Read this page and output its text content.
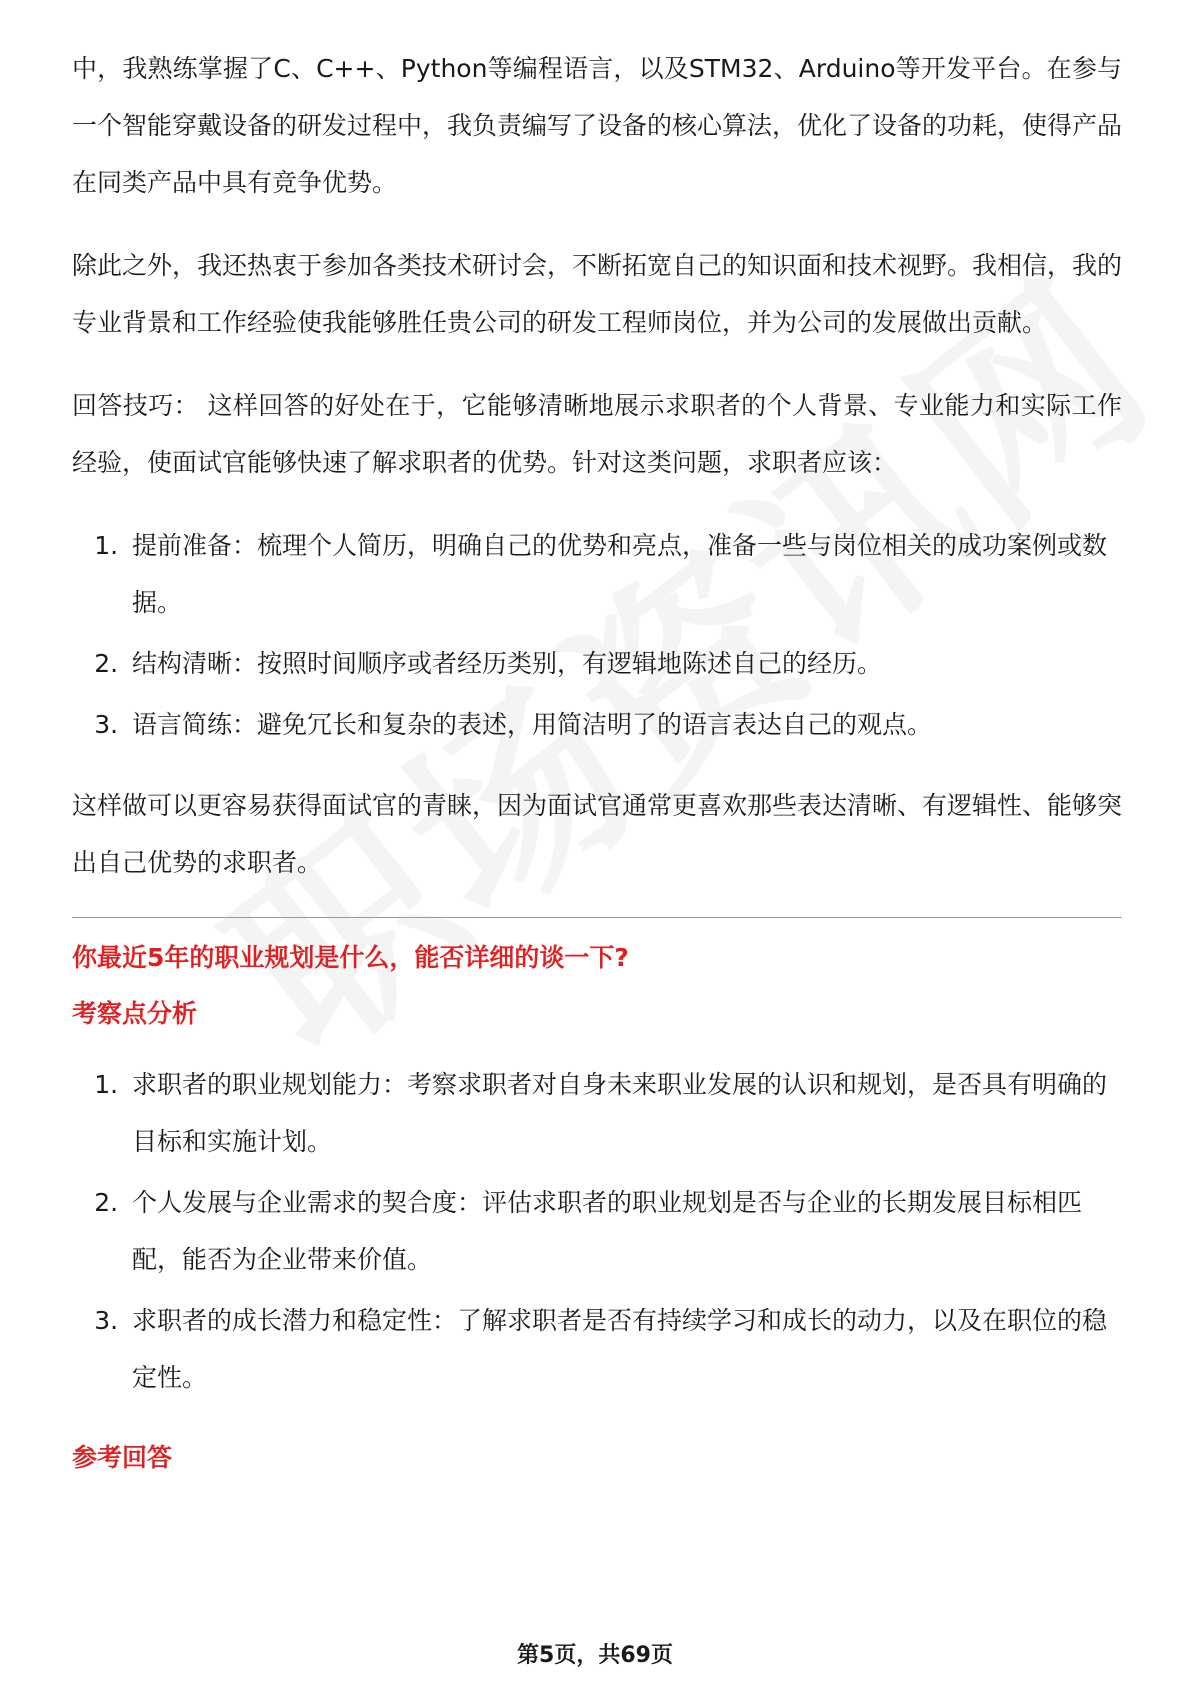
中，我熟练掌握了C、C++、Python等编程语言，以及STM32、Arduino等开发平台。在参与一个智能穿戴设备的研发过程中，我负责编写了设备的核心算法，优化了设备的功耗，使得产品在同类产品中具有竞争优势。

除此之外，我还热衷于参加各类技术研讨会，不断拓宽自己的知识面和技术视野。我相信，我的专业背景和工作经验使我能够胜任贵公司的研发工程师岗位，并为公司的发展做出贡献。

回答技巧： 这样回答的好处在于，它能够清晰地展示求职者的个人背景、专业能力和实际工作经验，使面试官能够快速了解求职者的优势。针对这类问题，求职者应该：

1. 提前准备：梳理个人简历，明确自己的优势和亮点，准备一些与岗位相关的成功案例或数据。
2. 结构清晰：按照时间顺序或者经历类别，有逻辑地陈述自己的经历。
3. 语言简练：避免冗长和复杂的表述，用简洁明了的语言表达自己的观点。

这样做可以更容易获得面试官的青睐，因为面试官通常更喜欢那些表达清晰、有逻辑性、能够突出自己优势的求职者。

你最近5年的职业规划是什么，能否详细的谈一下?

考察点分析

1. 求职者的职业规划能力：考察求职者对自身未来职业发展的认识和规划，是否具有明确的目标和实施计划。
2. 个人发展与企业需求的契合度：评估求职者的职业规划是否与企业的长期发展目标相匹配，能否为企业带来价值。
3. 求职者的成长潜力和稳定性：了解求职者是否有持续学习和成长的动力，以及在职位的稳定性。

参考回答

第5页，共69页
